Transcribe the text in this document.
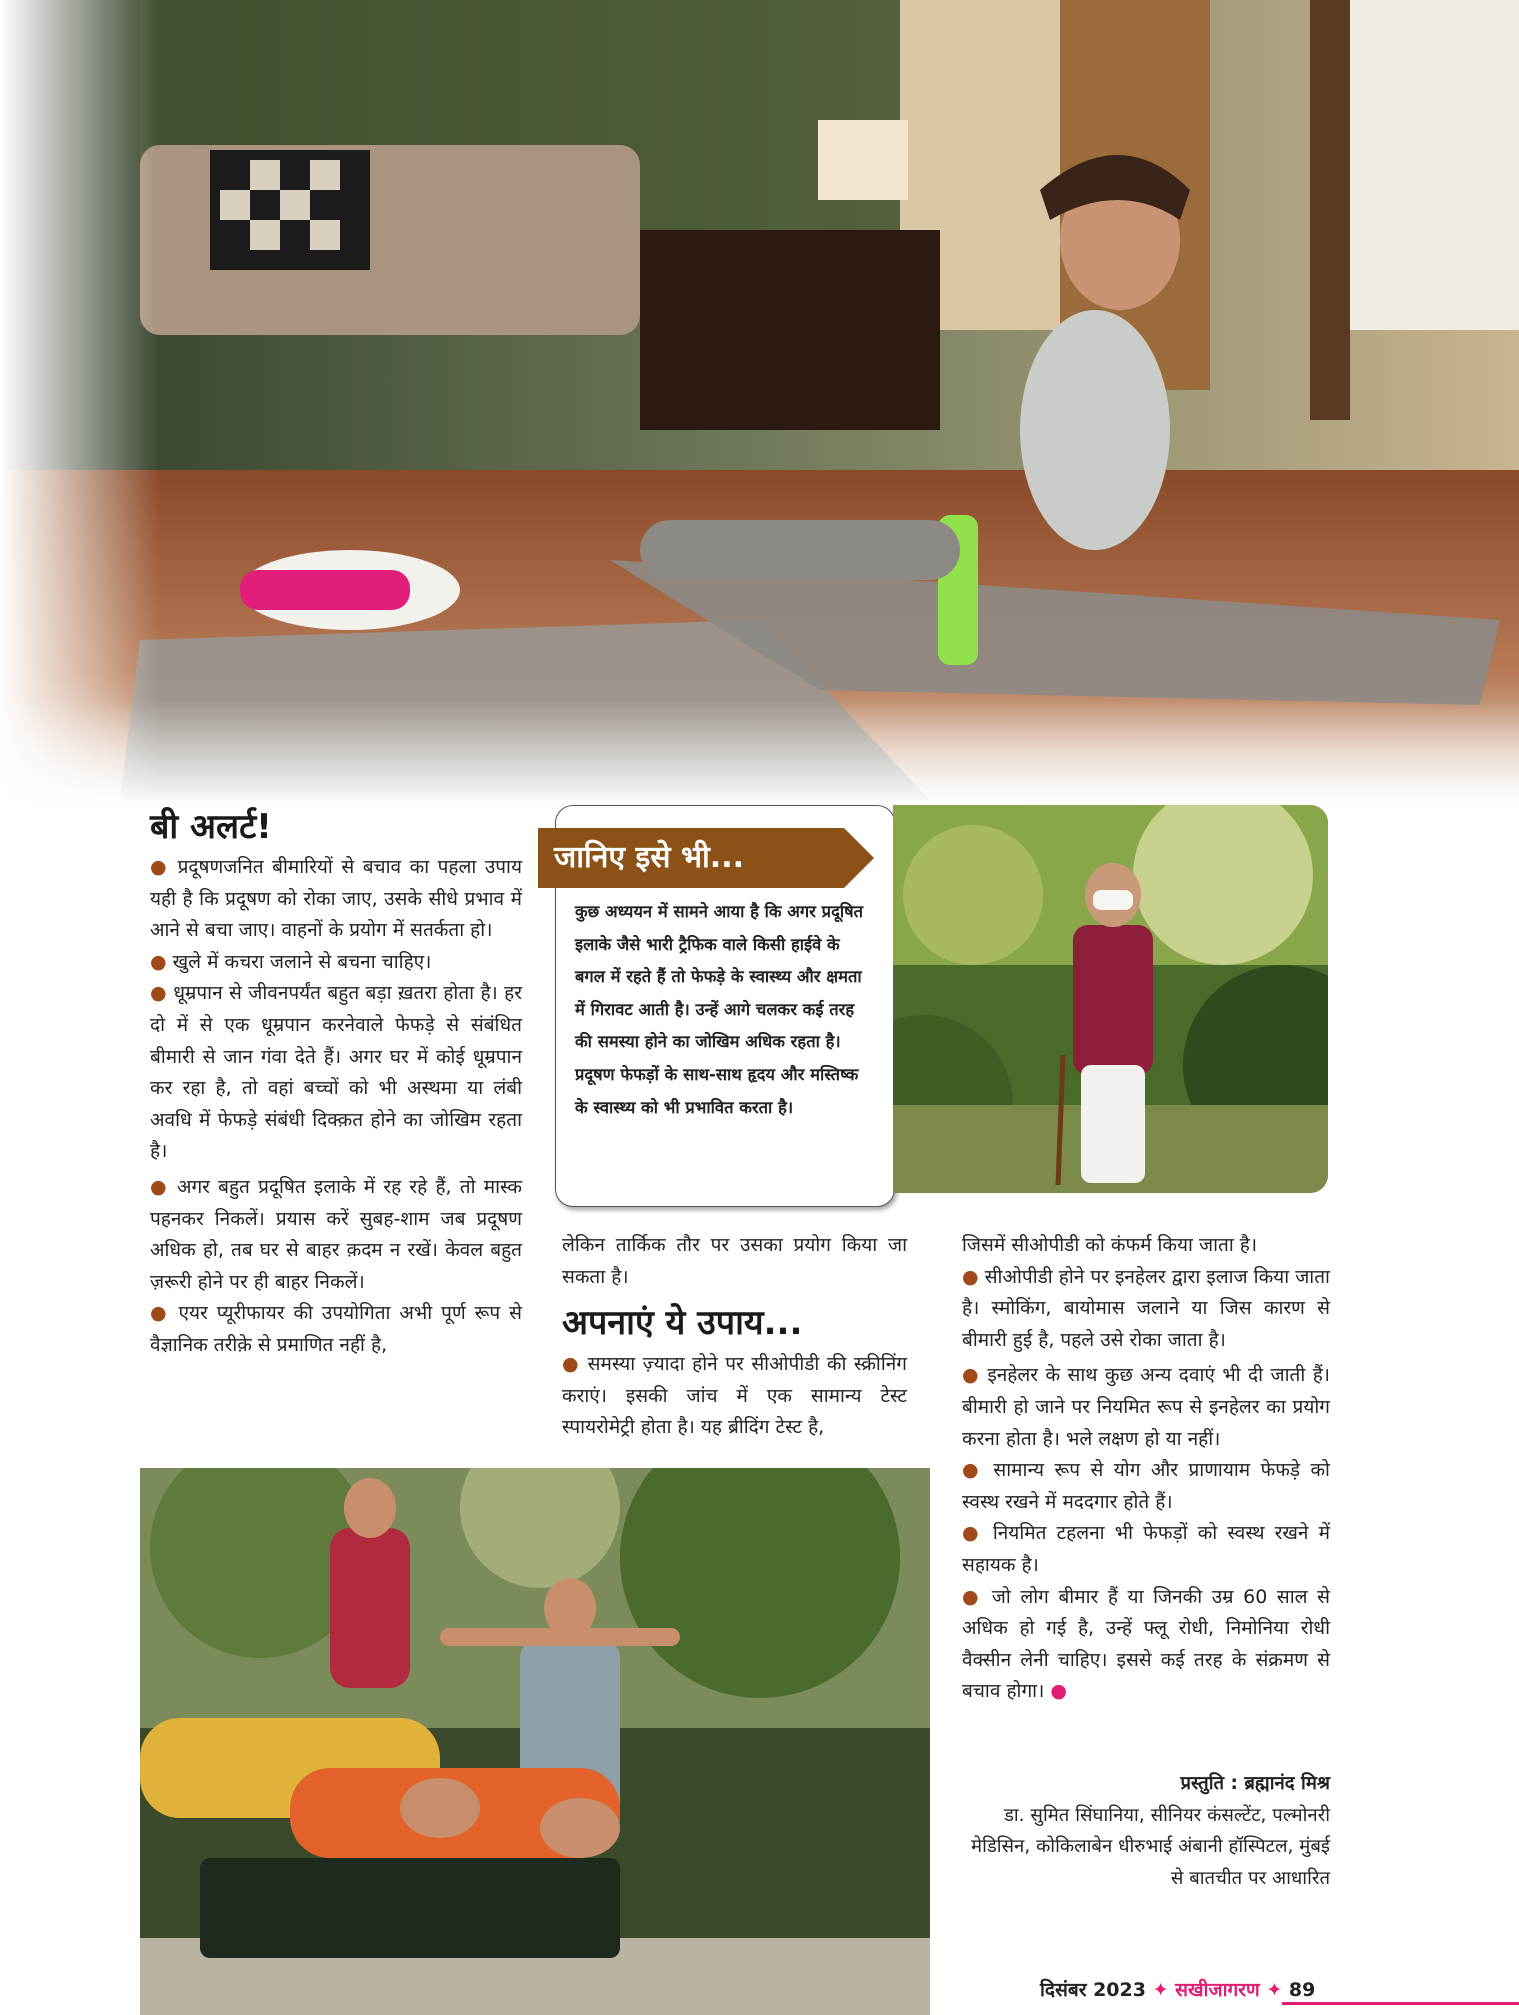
जानिए इसे भी...
कुछ अध्ययन में सामने आया है कि अगर प्रदूषित इलाके जैसे भारी ट्रैफिक वाले किसी हाईवे के बगल में रहते हैं तो फेफड़े के स्वास्थ्य और क्षमता में गिरावट आती है। उन्हें आगे चलकर कई तरह की समस्या होने का जोखिम अधिक रहता है। प्रदूषण फेफड़ों के साथ-साथ हृदय और मस्तिष्क के स्वास्थ्य को भी प्रभावित करता है।
बी अलर्ट!

● प्रदूषणजनित बीमारियों से बचाव का पहला उपाय यही है कि प्रदूषण को रोका जाए, उसके सीधे प्रभाव में आने से बचा जाए। वाहनों के प्रयोग में सतर्कता हो।

● खुले में कचरा जलाने से बचना चाहिए।

● धूम्रपान से जीवनपर्यंत बहुत बड़ा ख़तरा होता है। हर दो में से एक धूम्रपान करनेवाले फेफड़े से संबंधित बीमारी से जान गंवा देते हैं। अगर घर में कोई धूम्रपान कर रहा है, तो वहां बच्चों को भी अस्थमा या लंबी अवधि में फेफड़े संबंधी दिक्क़त होने का जोखिम रहता है।

● अगर बहुत प्रदूषित इलाके में रह रहे हैं, तो मास्क पहनकर निकलें। प्रयास करें सुबह-शाम जब प्रदूषण अधिक हो, तब घर से बाहर क़दम न रखें। केवल बहुत ज़रूरी होने पर ही बाहर निकलें।

● एयर प्यूरीफायर की उपयोगिता अभी पूर्ण रूप से वैज्ञानिक तरीक़े से प्रमाणित नहीं है,

लेकिन तार्किक तौर पर उसका प्रयोग किया जा सकता है।

अपनाएं ये उपाय...

● समस्या ज़्यादा होने पर सीओपीडी की स्क्रीनिंग कराएं। इसकी जांच में एक सामान्य टेस्ट स्पायरोमेट्री होता है। यह ब्रीदिंग टेस्ट है,

जिसमें सीओपीडी को कंफर्म किया जाता है।

● सीओपीडी होने पर इनहेलर द्वारा इलाज किया जाता है। स्मोकिंग, बायोमास जलाने या जिस कारण से बीमारी हुई है, पहले उसे रोका जाता है।

● इनहेलर के साथ कुछ अन्य दवाएं भी दी जाती हैं। बीमारी हो जाने पर नियमित रूप से इनहेलर का प्रयोग करना होता है। भले लक्षण हो या नहीं।

● सामान्य रूप से योग और प्राणायाम फेफड़े को स्वस्थ रखने में मददगार होते हैं।

● नियमित टहलना भी फेफड़ों को स्वस्थ रखने में सहायक है।

● जो लोग बीमार हैं या जिनकी उम्र 60 साल से अधिक हो गई है, उन्हें फ्लू रोधी, निमोनिया रोधी वैक्सीन लेनी चाहिए। इससे कई तरह के संक्रमण से बचाव होगा। ●

प्रस्तुति : ब्रह्मानंद मिश्र
डा. सुमित सिंघानिया, सीनियर कंसल्टेंट, पल्मोनरी मेडिसिन, कोकिलाबेन धीरुभाई अंबानी हॉस्पिटल, मुंबई से बातचीत पर आधारित
दिसंबर 2023 ✦ सखीजागरण ✦ 89
